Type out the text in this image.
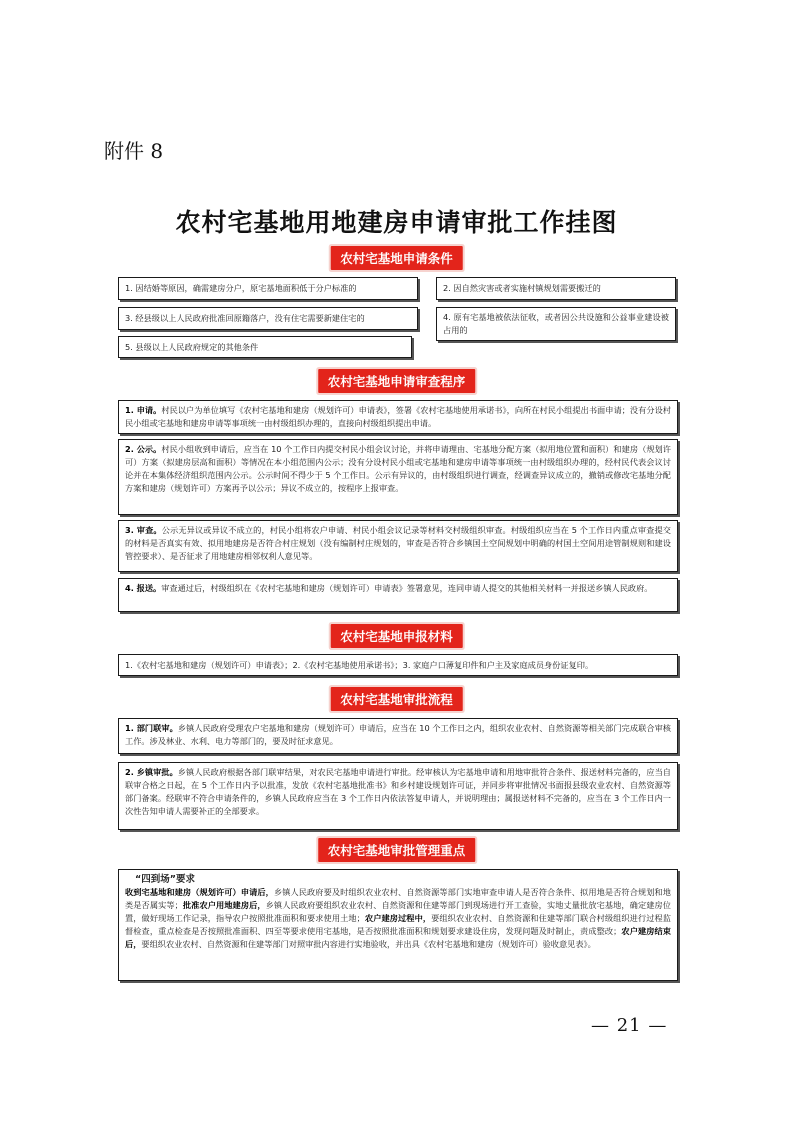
附件 8
农村宅基地用地建房申请审批工作挂图
农村宅基地申请条件
1. 因结婚等原因，确需建房分户，原宅基地面积低于分户标准的	2. 因自然灾害或者实施村镇规划需要搬迁的
3. 经县级以上人民政府批准回原籍落户，没有住宅需要新建住宅的	4. 原有宅基地被依法征收，或者因公共设施和公益事业建设被占用的
5. 县级以上人民政府规定的其他条件
农村宅基地申请审查程序
1. 申请。村民以户为单位填写《农村宅基地和建房（规划许可）申请表》，签署《农村宅基地使用承诺书》，向所在村民小组提出书面申请；没有分设村民小组或宅基地和建房申请等事项统一由村级组织办理的，直接向村级组织提出申请。
2. 公示。村民小组收到申请后，应当在 10 个工作日内提交村民小组会议讨论，并将申请理由、宅基地分配方案（拟用地位置和面积）和建房（规划许可）方案（拟建房层高和面积）等情况在本小组范围内公示；没有分设村民小组或宅基地和建房申请等事项统一由村级组织办理的，经村民代表会议讨论并在本集体经济组织范围内公示。公示时间不得少于 5 个工作日。公示有异议的，由村级组织进行调查，经调查异议成立的，撤销或修改宅基地分配方案和建房（规划许可）方案再予以公示；异议不成立的，按程序上报审查。
3. 审查。公示无异议或异议不成立的，村民小组将农户申请、村民小组会议记录等材料交村级组织审查。村级组织应当在 5 个工作日内重点审查提交的材料是否真实有效、拟用地建房是否符合村庄规划（没有编制村庄规划的，审查是否符合乡镇国土空间规划中明确的村国土空间用途管制规则和建设管控要求）、是否征求了用地建房相邻权利人意见等。
4. 报送。审查通过后，村级组织在《农村宅基地和建房（规划许可）申请表》签署意见，连同申请人提交的其他相关材料一并报送乡镇人民政府。
农村宅基地申报材料
1.《农村宅基地和建房（规划许可）申请表》；2.《农村宅基地使用承诺书》；3. 家庭户口薄复印件和户主及家庭成员身份证复印。
农村宅基地审批流程
1. 部门联审。乡镇人民政府受理农户宅基地和建房（规划许可）申请后，应当在 10 个工作日之内，组织农业农村、自然资源等相关部门完成联合审核工作。涉及林业、水利、电力等部门的，要及时征求意见。
2. 乡镇审批。乡镇人民政府根据各部门联审结果，对农民宅基地申请进行审批。经审核认为宅基地申请和用地审批符合条件、报送材料完备的，应当自联审合格之日起，在 5 个工作日内予以批准，发放《农村宅基地批准书》和乡村建设规划许可证，并同步将审批情况书面报县级农业农村、自然资源等部门备案。经联审不符合申请条件的，乡镇人民政府应当在 3 个工作日内依法答复申请人，并说明理由；属报送材料不完备的，应当在 3 个工作日内一次性告知申请人需要补正的全部要求。
农村宅基地审批管理重点
“四到场”要求
收到宅基地和建房（规划许可）申请后，乡镇人民政府要及时组织农业农村、自然资源等部门实地审查申请人是否符合条件、拟用地是否符合规划和地类是否属实等；批准农户用地建房后，乡镇人民政府要组织农业农村、自然资源和住建等部门到现场进行开工查验，实地丈量批放宅基地，确定建房位置，做好现场工作记录，指导农户按照批准面积和要求使用土地；农户建房过程中，要组织农业农村、自然资源和住建等部门联合村级组织进行过程监督检查，重点检查是否按照批准面积、四至等要求使用宅基地，是否按照批准面积和规划要求建设住房，发现问题及时制止，责成整改；农户建房结束后，要组织农业农村、自然资源和住建等部门对照审批内容进行实地验收，并出具《农村宅基地和建房（规划许可）验收意见表》。
— 21 —
